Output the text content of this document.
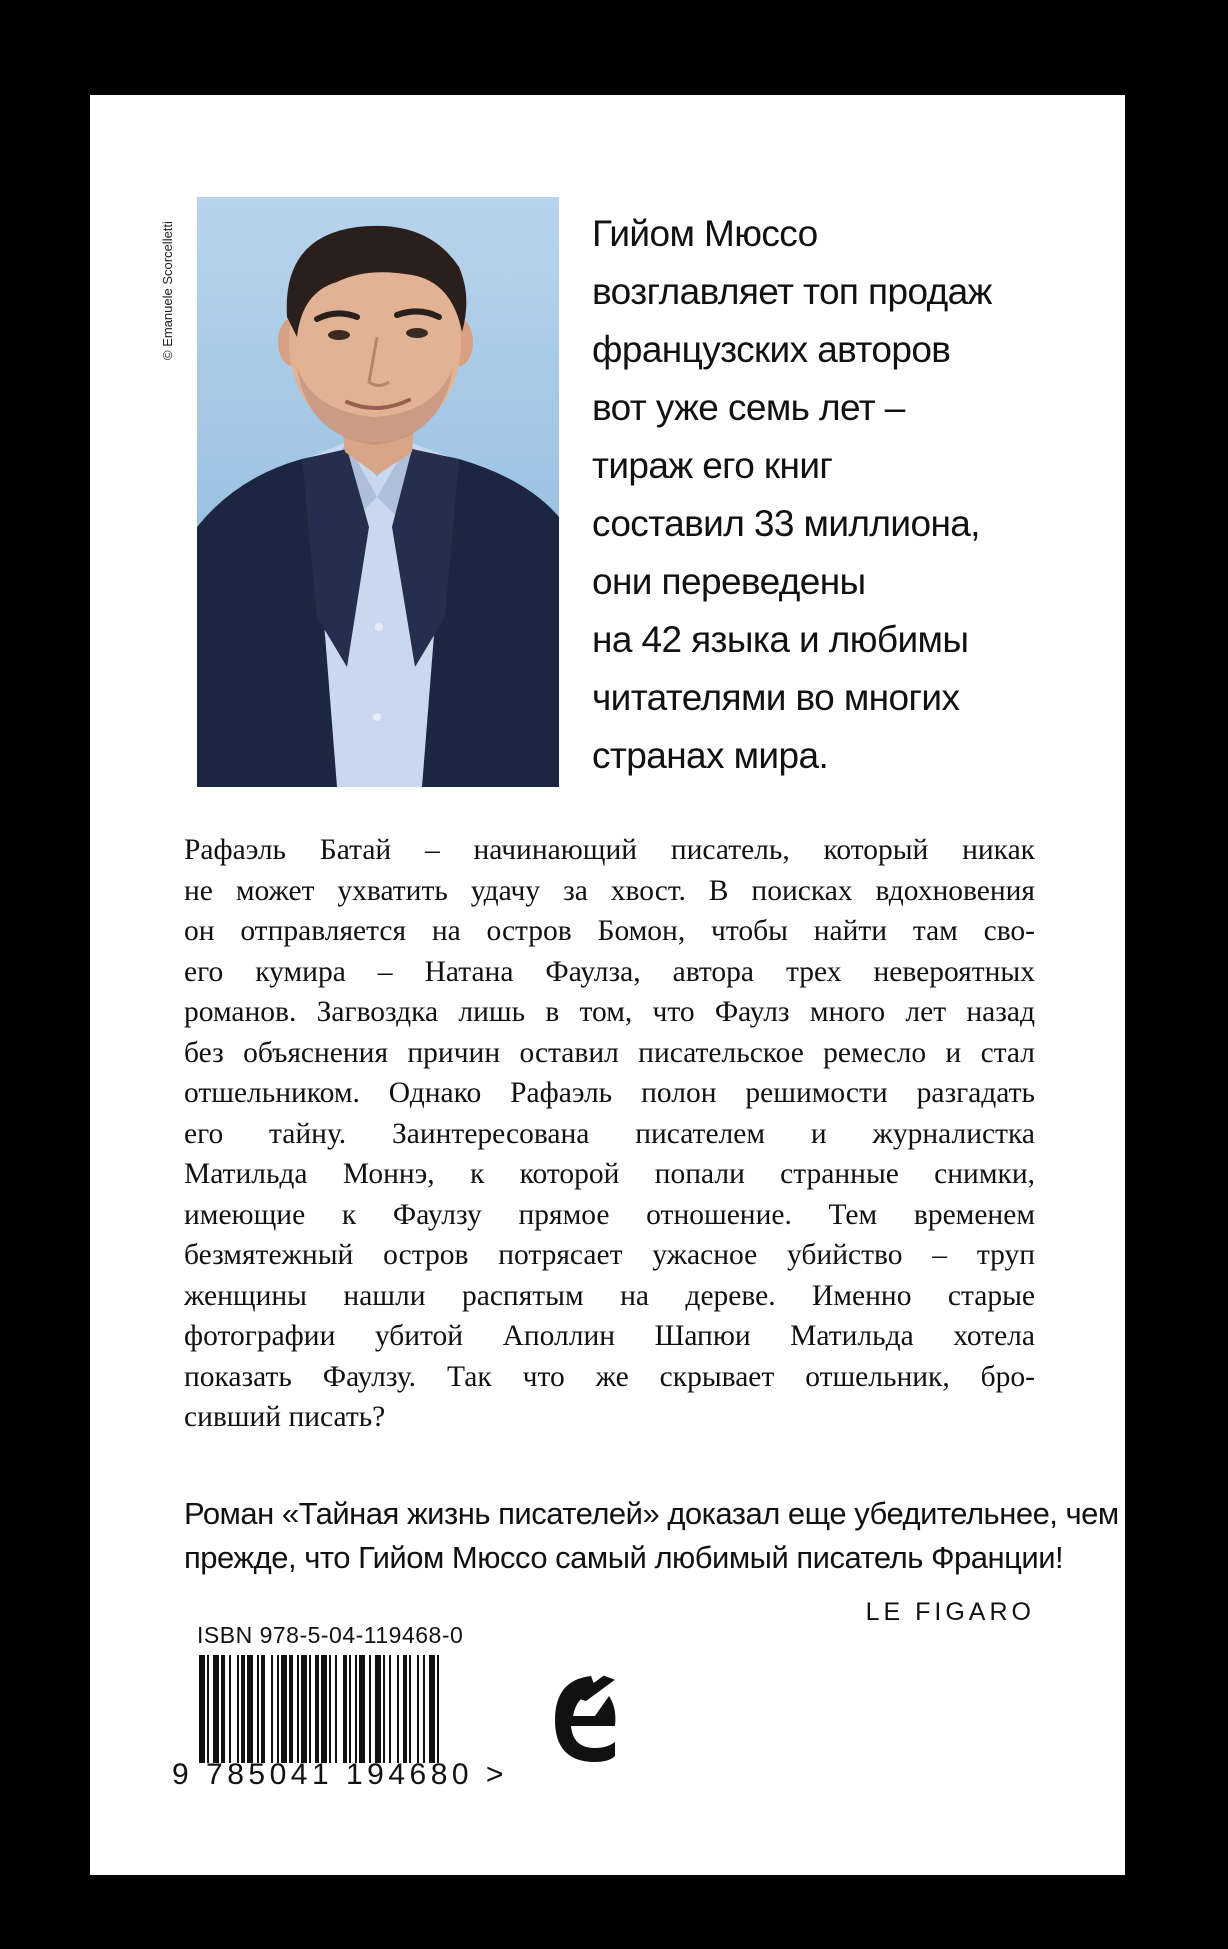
© Emanuele Scorcelletti	Гийом Мюссо
возглавляет топ продаж
французских авторов
вот уже семь лет –
тираж его книг
составил 33 миллиона,
они переведены
на 42 языка и любимы
читателями во многих
странах мира.
Рафаэль Батай – начинающий писатель, который никак
не может ухватить удачу за хвост. В поисках вдохновения
он отправляется на остров Бомон, чтобы найти там сво-
его кумира – Натана Фаулза, автора трех невероятных
романов. Загвоздка лишь в том, что Фаулз много лет назад
без объяснения причин оставил писательское ремесло и стал
отшельником. Однако Рафаэль полон решимости разгадать
его тайну. Заинтересована писателем и журналистка
Матильда Моннэ, к которой попали странные снимки,
имеющие к Фаулзу прямое отношение. Тем временем
безмятежный остров потрясает ужасное убийство – труп
женщины нашли распятым на дереве. Именно старые
фотографии убитой Аполлин Шапюи Матильда хотела
показать Фаулзу. Так что же скрывает отшельник, бро-
сивший писать?
Роман «Тайная жизнь писателей» доказал еще убедительнее, чем
прежде, что Гийом Мюссо самый любимый писатель Франции!
LE FIGARO
ISBN 978-5-04-119468-0
9 785041 194680 >
